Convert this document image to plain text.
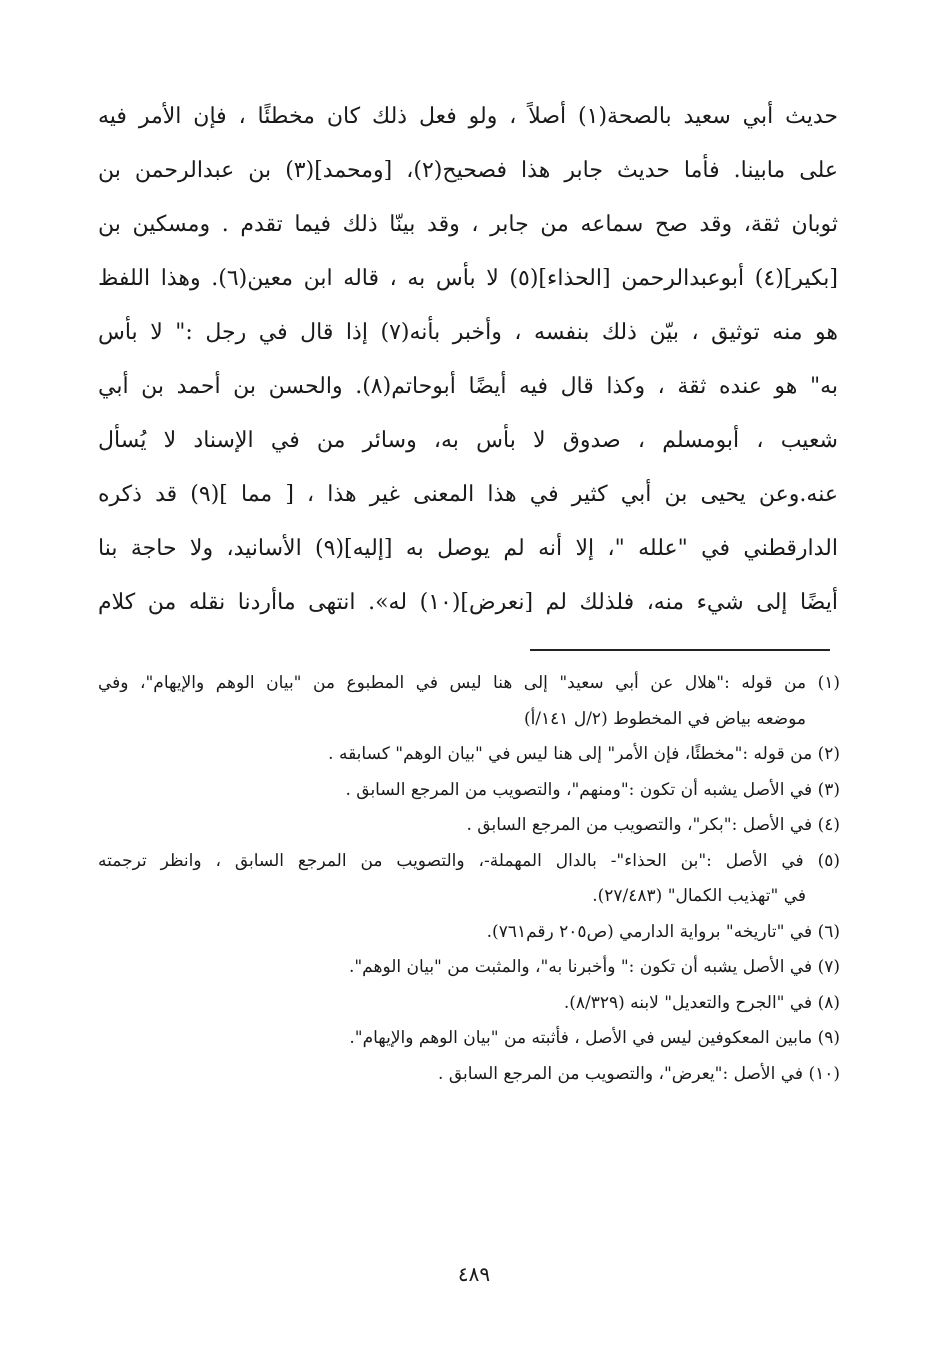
حديث أبي سعيد بالصحة(١) أصلاً ، ولو فعل ذلك كان مخطئًا ، فإن الأمر فيه
على مابينا. فأما حديث جابر هذا فصحيح(٢)، [ومحمد](٣) بن عبدالرحمن بن
ثوبان ثقة، وقد صح سماعه من جابر ، وقد بينّا ذلك فيما تقدم . ومسكين بن
[بكير](٤) أبوعبدالرحمن [الحذاء](٥) لا بأس به ، قاله ابن معين(٦). وهذا اللفظ
هو منه توثيق ، بيّن ذلك بنفسه ، وأخبر بأنه(٧) إذا قال في رجل :" لا بأس
به" هو عنده ثقة ، وكذا قال فيه أيضًا أبوحاتم(٨). والحسن بن أحمد بن أبي
شعيب ، أبومسلم ، صدوق لا بأس به، وسائر من في الإسناد لا يُسأل
عنه.وعن يحيى بن أبي كثير في هذا المعنى غير هذا ، [ مما ](٩) قد ذكره
الدارقطني في "علله "، إلا أنه لم يوصل به [إليه](٩) الأسانيد، ولا حاجة بنا
أيضًا إلى شيء منه، فلذلك لم [نعرض](١٠) له». انتهى ماأردنا نقله من كلام
(١) من قوله :"هلال عن أبي سعيد" إلى هنا ليس في المطبوع من "بيان الوهم والإيهام"، وفي
موضعه بياض في المخطوط (٢/ل ١٤١/أ)
(٢) من قوله :"مخطئًا، فإن الأمر" إلى هنا ليس في "بيان الوهم" كسابقه .
(٣) في الأصل يشبه أن تكون :"ومنهم"، والتصويب من المرجع السابق .
(٤) في الأصل :"بكر"، والتصويب من المرجع السابق .
(٥) في الأصل :"بن الحذاء"- بالدال المهملة-، والتصويب من المرجع السابق ، وانظر ترجمته
في "تهذيب الكمال" (٢٧/٤٨٣).
(٦) في "تاريخه" برواية الدارمي (ص٢٠٥ رقم٧٦١).
(٧) في الأصل يشبه أن تكون :" وأخبرنا به"، والمثبت من "بيان الوهم".
(٨) في "الجرح والتعديل" لابنه (٨/٣٢٩).
(٩) مابين المعكوفين ليس في الأصل ، فأثبته من "بيان الوهم والإيهام".
(١٠) في الأصل :"يعرض"، والتصويب من المرجع السابق .
٤٨٩
